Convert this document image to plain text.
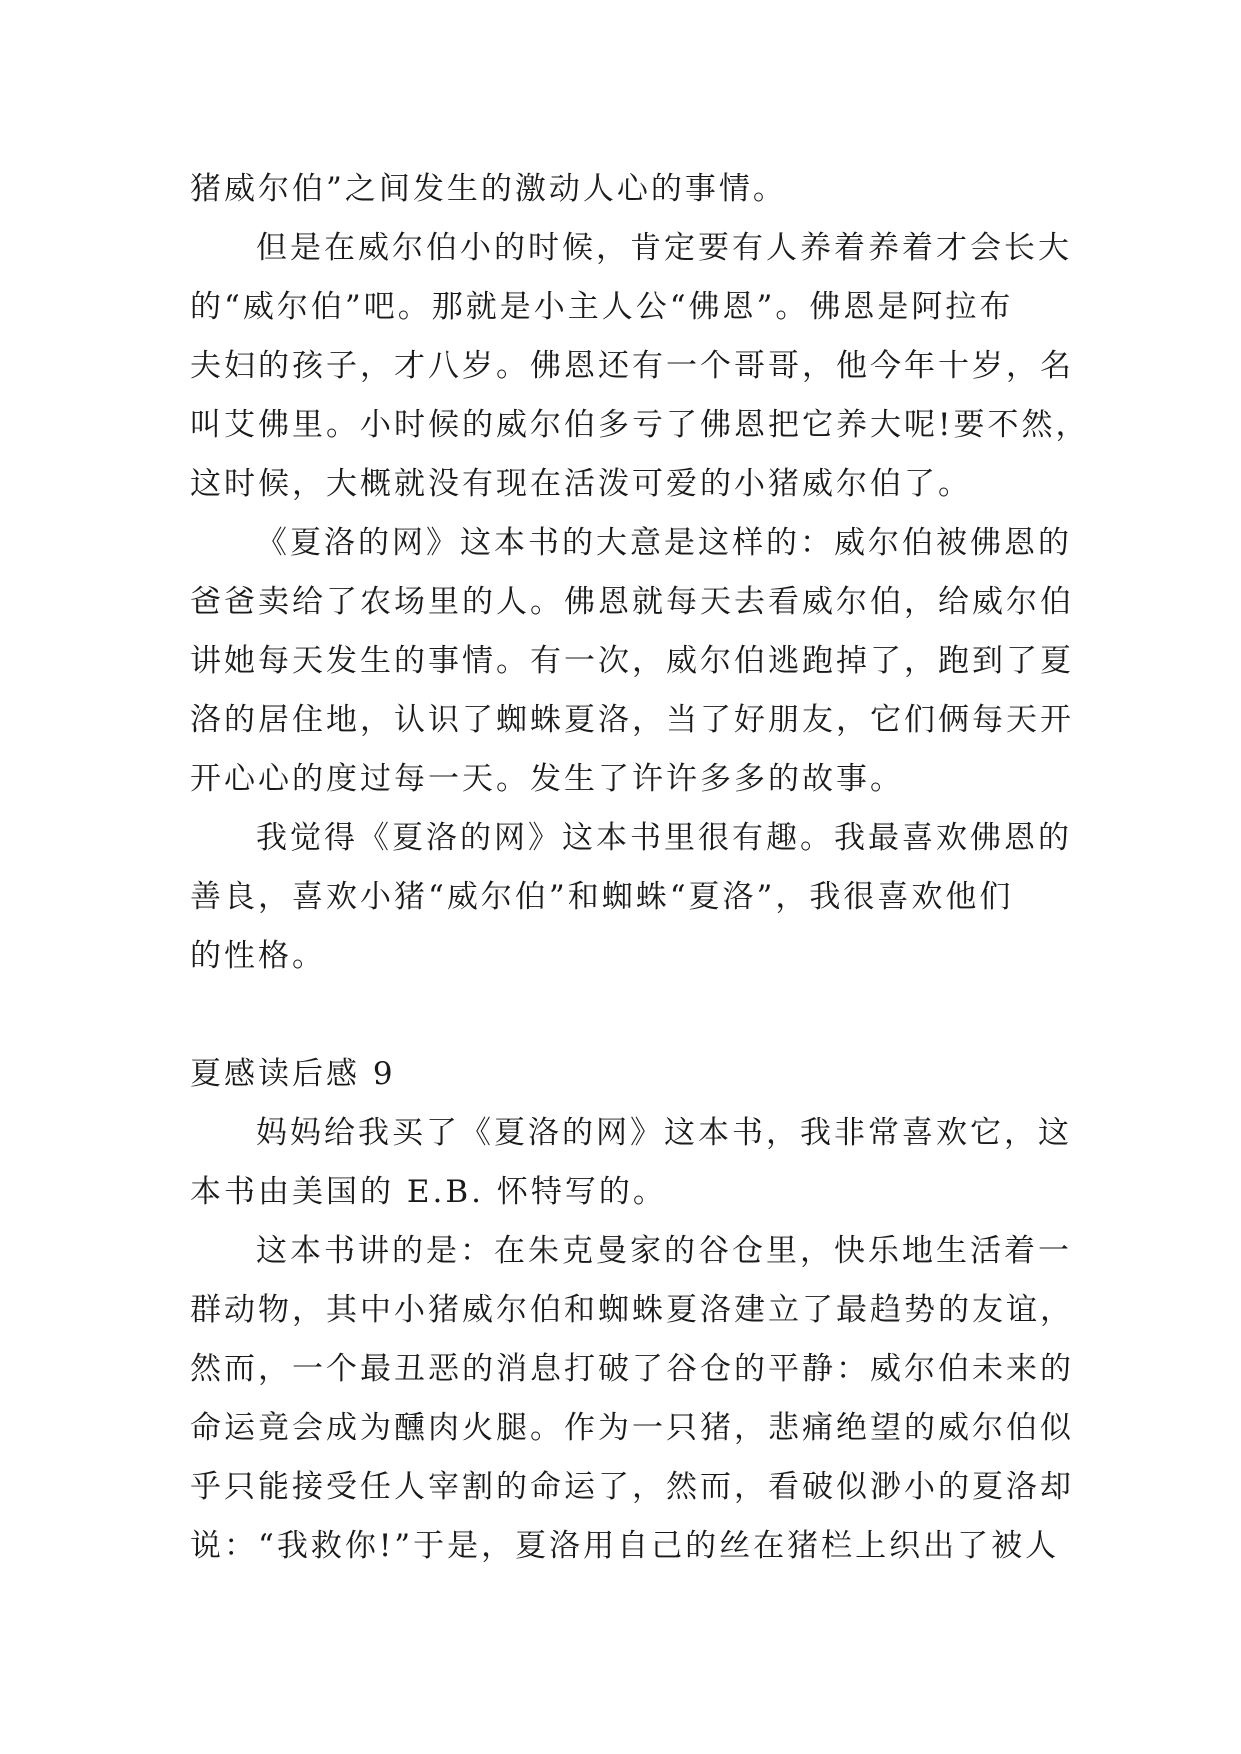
猪威尔伯”之间发生的激动人心的事情。
但是在威尔伯小的时候，肯定要有人养着养着才会长大
的“威尔伯”吧。那就是小主人公“佛恩”。佛恩是阿拉布
夫妇的孩子，才八岁。佛恩还有一个哥哥，他今年十岁，名
叫艾佛里。小时候的威尔伯多亏了佛恩把它养大呢!要不然，
这时候，大概就没有现在活泼可爱的小猪威尔伯了。
《夏洛的网》这本书的大意是这样的：威尔伯被佛恩的
爸爸卖给了农场里的人。佛恩就每天去看威尔伯，给威尔伯
讲她每天发生的事情。有一次，威尔伯逃跑掉了，跑到了夏
洛的居住地，认识了蜘蛛夏洛，当了好朋友，它们俩每天开
开心心的度过每一天。发生了许许多多的故事。
我觉得《夏洛的网》这本书里很有趣。我最喜欢佛恩的
善良，喜欢小猪“威尔伯”和蜘蛛“夏洛”，我很喜欢他们
的性格。
夏感读后感 9
妈妈给我买了《夏洛的网》这本书，我非常喜欢它，这
本书由美国的 E.B. 怀特写的。
这本书讲的是：在朱克曼家的谷仓里，快乐地生活着一
群动物，其中小猪威尔伯和蜘蛛夏洛建立了最趋势的友谊，
然而，一个最丑恶的消息打破了谷仓的平静：威尔伯未来的
命运竟会成为醺肉火腿。作为一只猪，悲痛绝望的威尔伯似
乎只能接受任人宰割的命运了，然而，看破似渺小的夏洛却
说：“我救你!”于是，夏洛用自己的丝在猪栏上织出了被人
